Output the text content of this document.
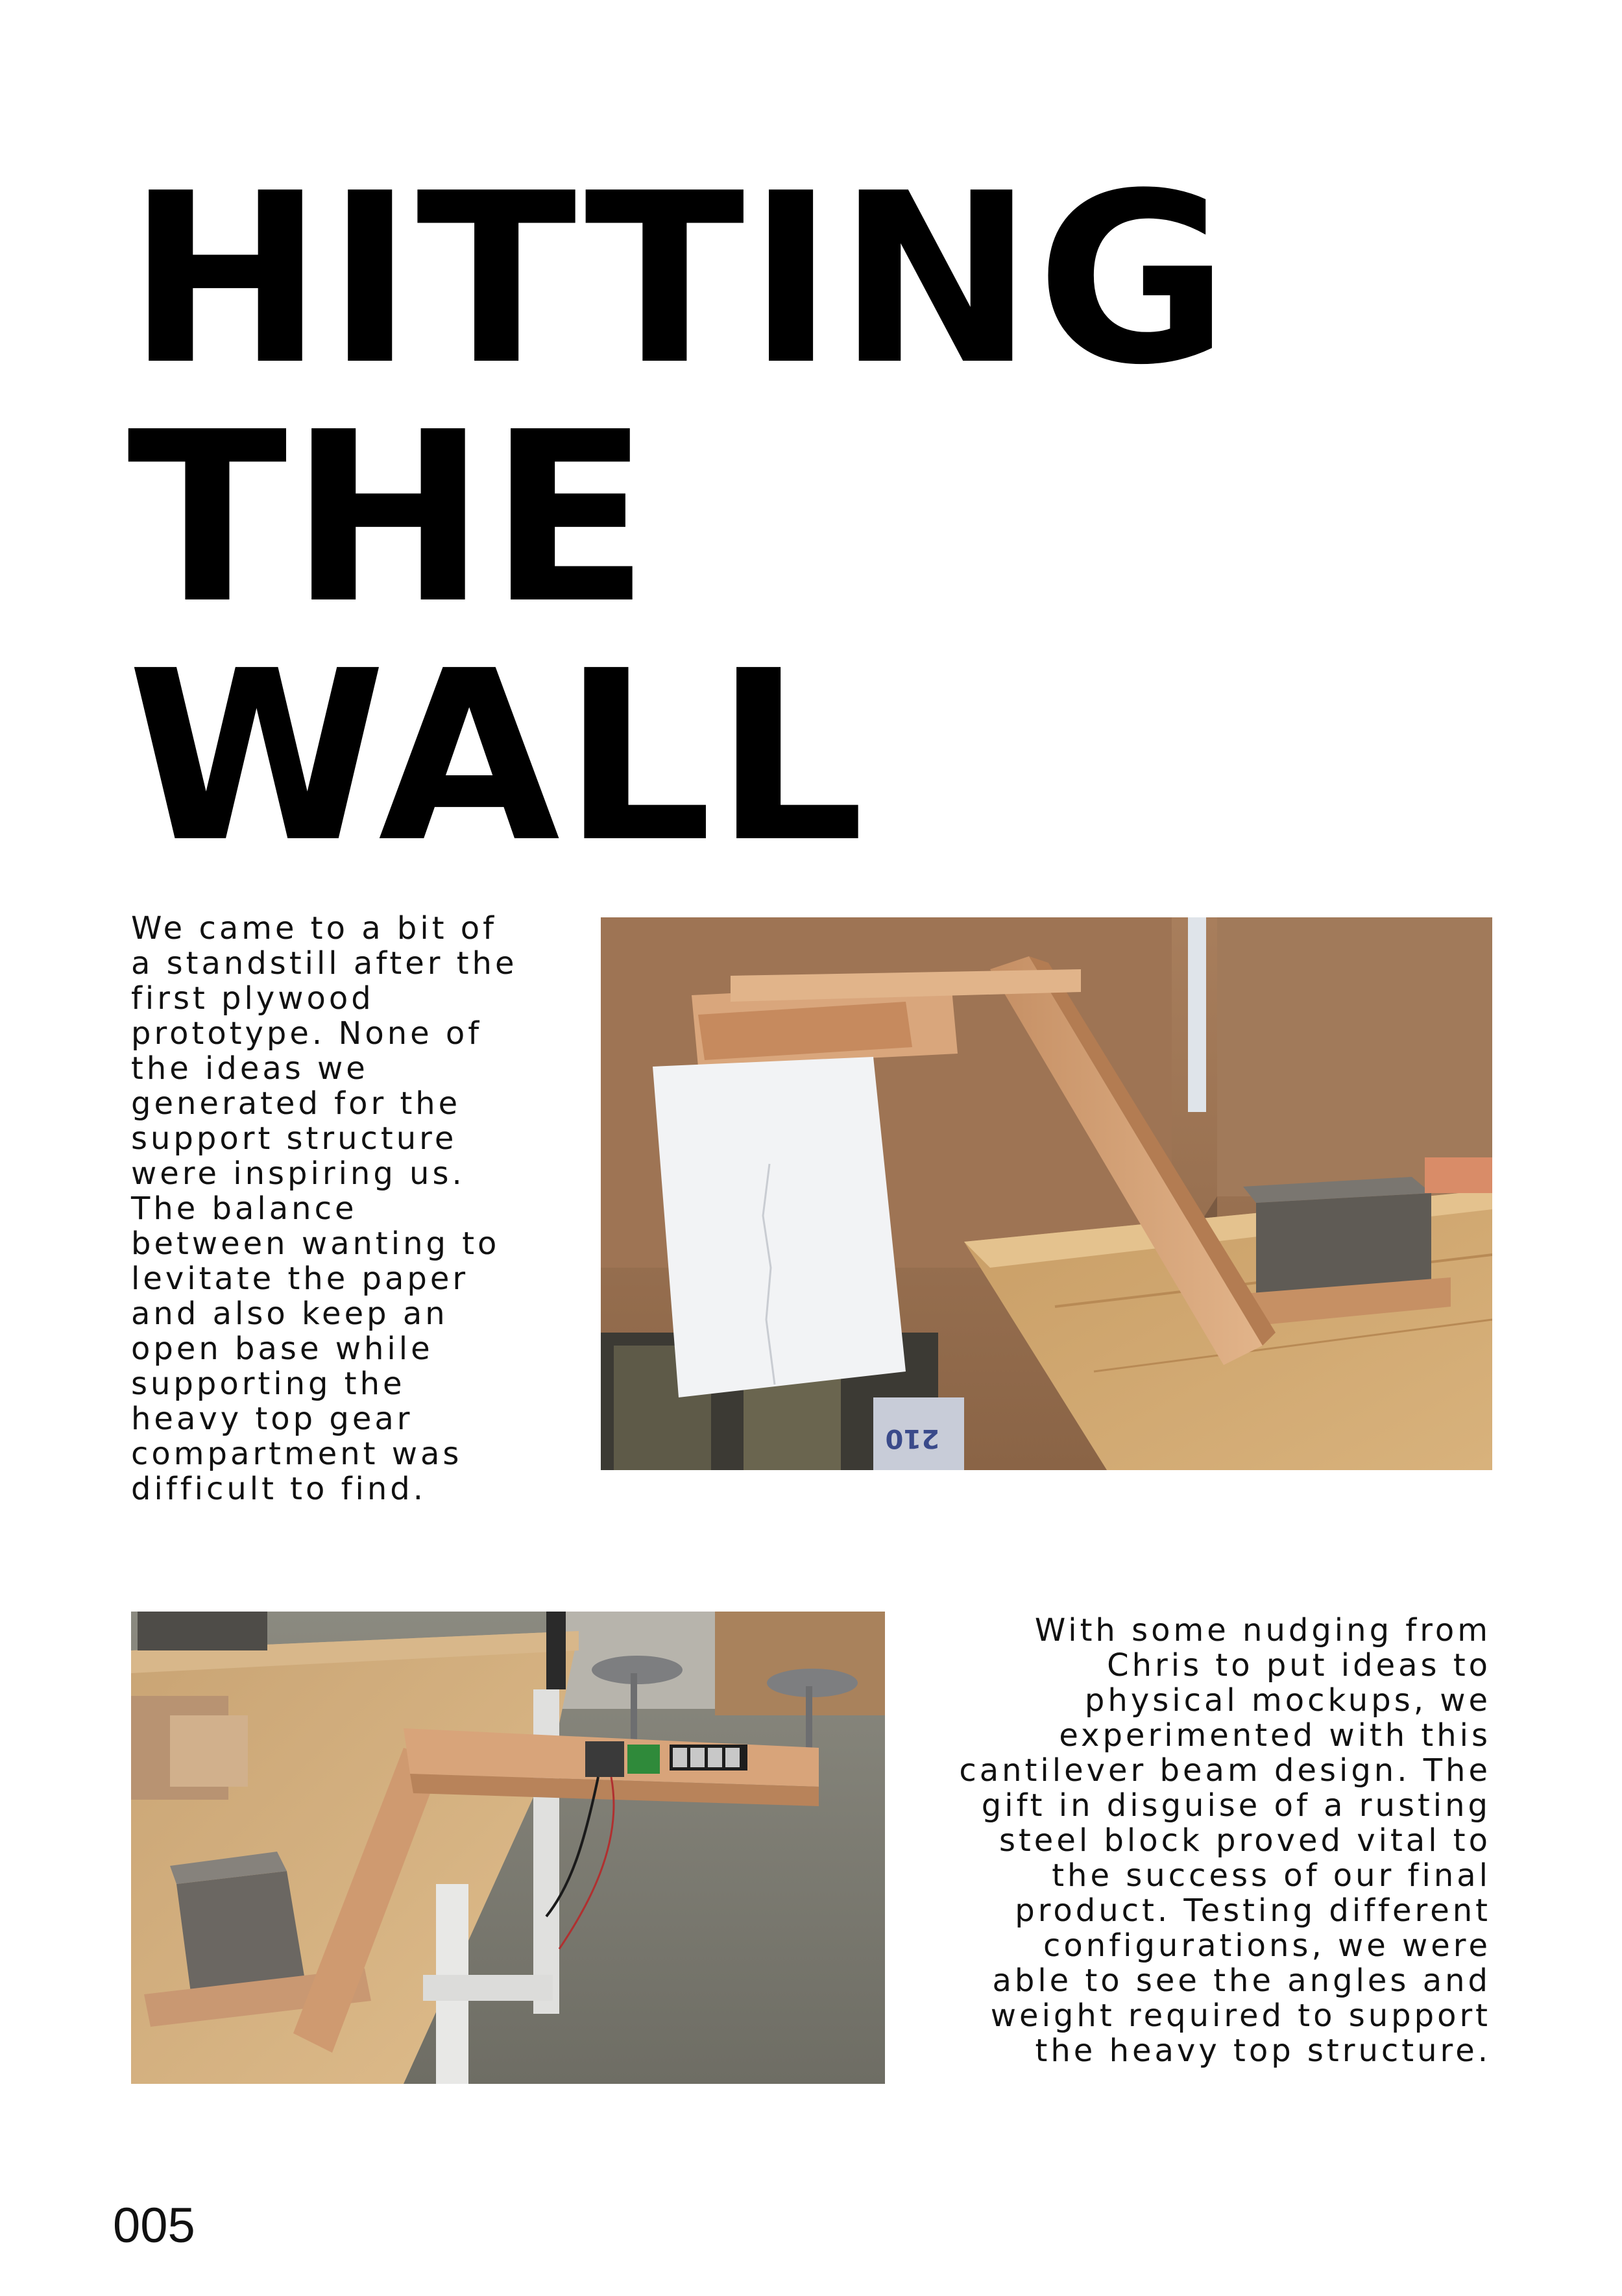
HITTING
THE
WALL

We came to a bit of
a standstill after the
first plywood
prototype. None of
the ideas we
generated for the
support structure
were inspiring us.
The balance
between wanting to
levitate the paper
and also keep an
open base while
supporting the
heavy top gear
compartment was
difficult to find.

210

With some nudging from
Chris to put ideas to
physical mockups, we
experimented with this
cantilever beam design. The
gift in disguise of a rusting
steel block proved vital to
the success of our final
product. Testing different
configurations, we were
able to see the angles and
weight required to support
the heavy top structure.

005
